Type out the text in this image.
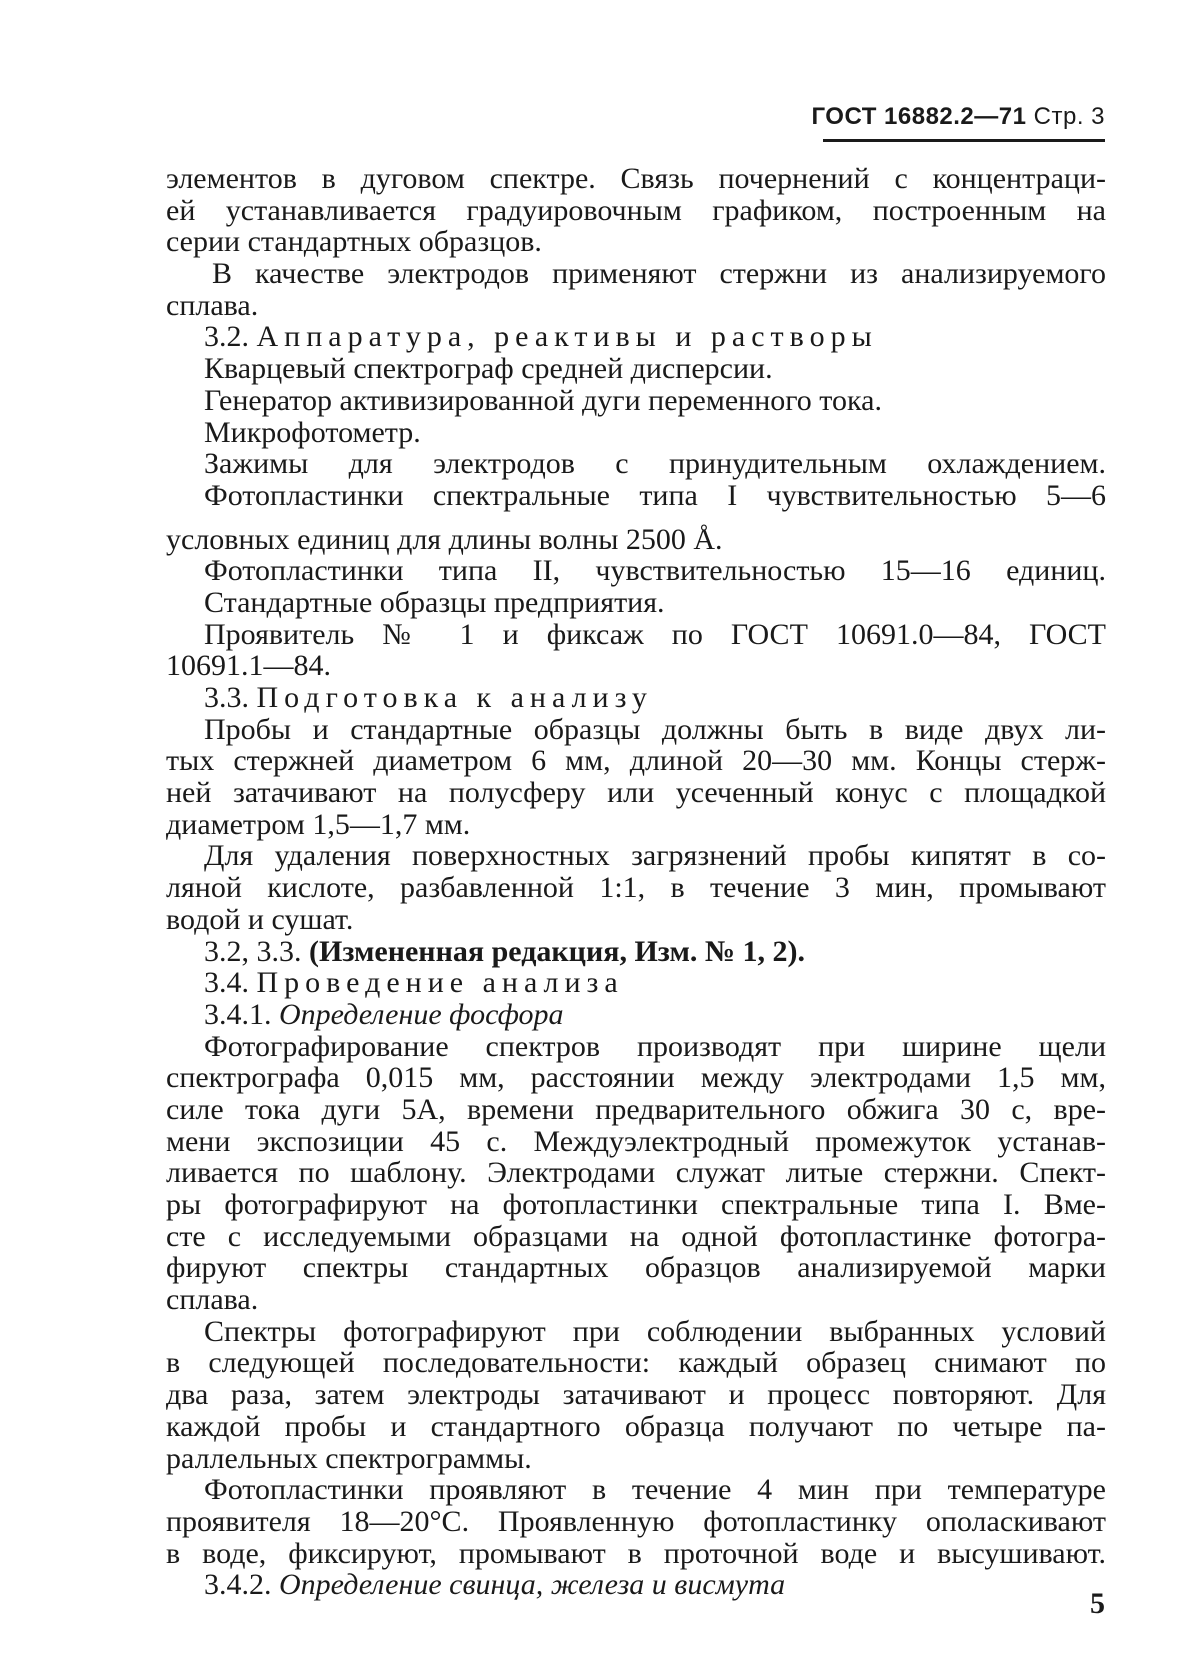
ГОСТ 16882.2—71 Стр. 3
элементов в дуговом спектре. Связь почернений с концентраци-
ей устанавливается градуировочным графиком, построенным на
серии стандартных образцов.
В качестве электродов применяют стержни из анализируемого
сплава.
3.2. Аппаратура, реактивы и растворы
Кварцевый спектрограф средней дисперсии.
Генератор активизированной дуги переменного тока.
Микрофотометр.
Зажимы для электродов с принудительным охлаждением.
Фотопластинки спектральные типа I чувствительностью 5—6
условных единиц для длины волны 2500 Å.
Фотопластинки типа II, чувствительностью 15—16 единиц.
Стандартные образцы предприятия.
Проявитель № 1 и фиксаж по ГОСТ 10691.0—84, ГОСТ
10691.1—84.
3.3. Подготовка к анализу
Пробы и стандартные образцы должны быть в виде двух ли-
тых стержней диаметром 6 мм, длиной 20—30 мм. Концы стерж-
ней затачивают на полусферу или усеченный конус с площадкой
диаметром 1,5—1,7 мм.
Для удаления поверхностных загрязнений пробы кипятят в со-
ляной кислоте, разбавленной 1:1, в течение 3 мин, промывают
водой и сушат.
3.2, 3.3. (Измененная редакция, Изм. № 1, 2).
3.4. Проведение анализа
3.4.1. Определение фосфора
Фотографирование спектров производят при ширине щели
спектрографа 0,015 мм, расстоянии между электродами 1,5 мм,
силе тока дуги 5А, времени предварительного обжига 30 с, вре-
мени экспозиции 45 с. Междуэлектродный промежуток устанав-
ливается по шаблону. Электродами служат литые стержни. Спект-
ры фотографируют на фотопластинки спектральные типа I. Вме-
сте с исследуемыми образцами на одной фотопластинке фотогра-
фируют спектры стандартных образцов анализируемой марки
сплава.
Спектры фотографируют при соблюдении выбранных условий
в следующей последовательности: каждый образец снимают по
два раза, затем электроды затачивают и процесс повторяют. Для
каждой пробы и стандартного образца получают по четыре па-
раллельных спектрограммы.
Фотопластинки проявляют в течение 4 мин при температуре
проявителя 18—20°С. Проявленную фотопластинку ополаскивают
в воде, фиксируют, промывают в проточной воде и высушивают.
3.4.2. Определение свинца, железа и висмута
5
